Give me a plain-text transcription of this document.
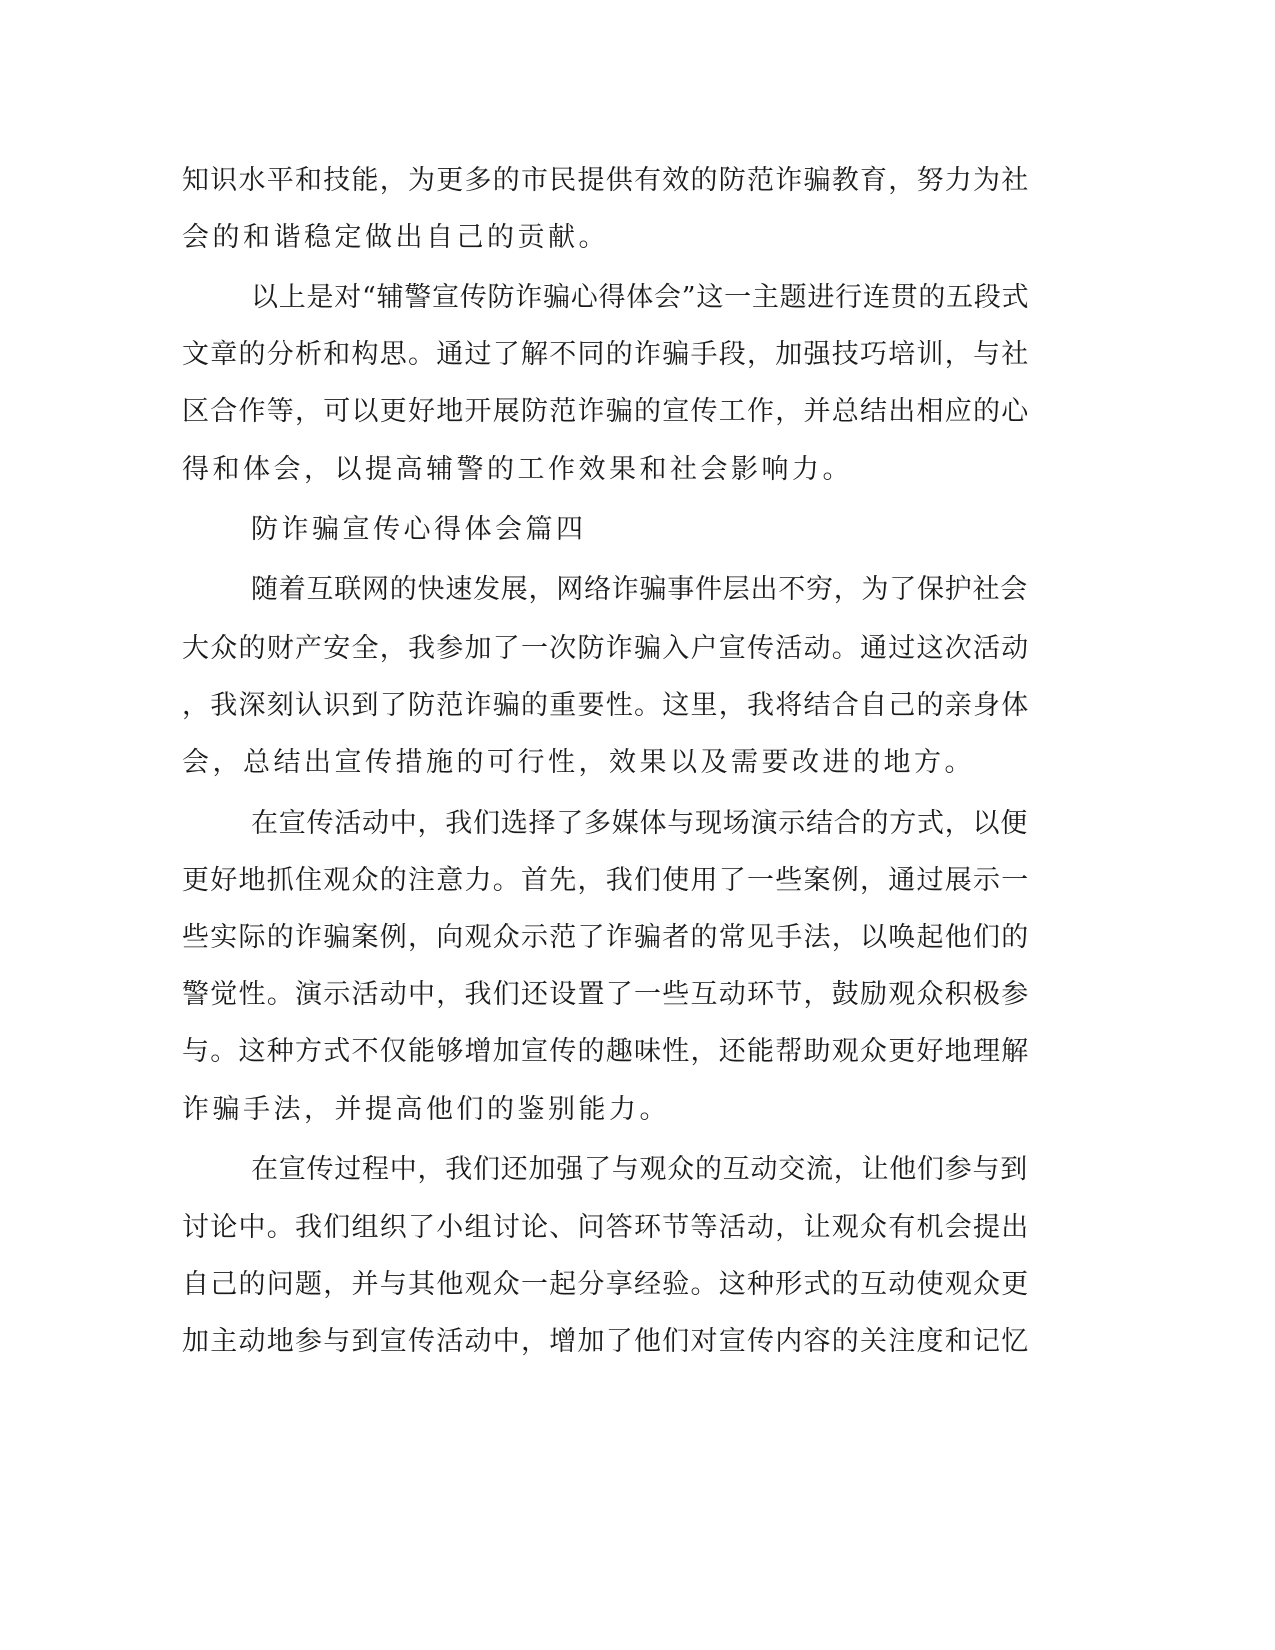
知识水平和技能，为更多的市民提供有效的防范诈骗教育，努力为社
会的和谐稳定做出自己的贡献。
以上是对“辅警宣传防诈骗心得体会”这一主题进行连贯的五段式
文章的分析和构思。通过了解不同的诈骗手段，加强技巧培训，与社
区合作等，可以更好地开展防范诈骗的宣传工作，并总结出相应的心
得和体会，以提高辅警的工作效果和社会影响力。
防诈骗宣传心得体会篇四
随着互联网的快速发展，网络诈骗事件层出不穷，为了保护社会
大众的财产安全，我参加了一次防诈骗入户宣传活动。通过这次活动
，我深刻认识到了防范诈骗的重要性。这里，我将结合自己的亲身体
会，总结出宣传措施的可行性，效果以及需要改进的地方。
在宣传活动中，我们选择了多媒体与现场演示结合的方式，以便
更好地抓住观众的注意力。首先，我们使用了一些案例，通过展示一
些实际的诈骗案例，向观众示范了诈骗者的常见手法，以唤起他们的
警觉性。演示活动中，我们还设置了一些互动环节，鼓励观众积极参
与。这种方式不仅能够增加宣传的趣味性，还能帮助观众更好地理解
诈骗手法，并提高他们的鉴别能力。
在宣传过程中，我们还加强了与观众的互动交流，让他们参与到
讨论中。我们组织了小组讨论、问答环节等活动，让观众有机会提出
自己的问题，并与其他观众一起分享经验。这种形式的互动使观众更
加主动地参与到宣传活动中，增加了他们对宣传内容的关注度和记忆
